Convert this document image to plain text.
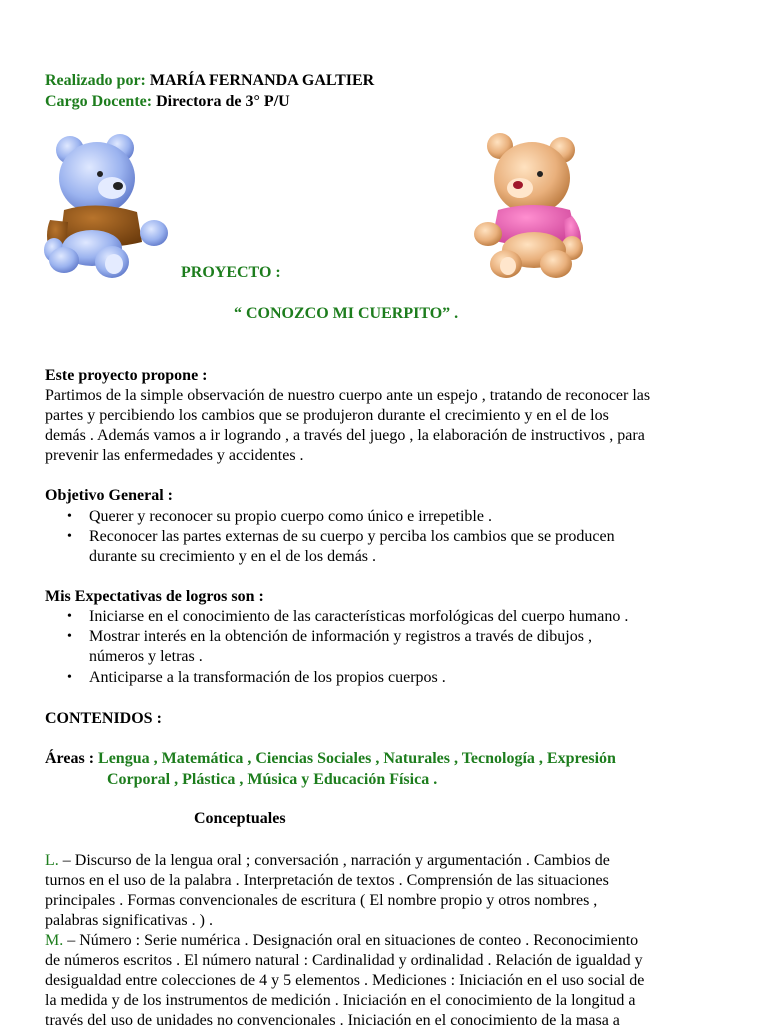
Realizado por: MARÍA FERNANDA GALTIER
Cargo Docente: Directora de 3° P/U
PROYECTO :
“ CONOZCO MI CUERPITO” .
Este proyecto propone :
Partimos de la simple observación de nuestro cuerpo ante un espejo , tratando de reconocer las
partes y percibiendo los cambios que se produjeron durante el crecimiento y en el de los
demás . Además vamos a ir logrando , a través del juego , la elaboración de instructivos , para
prevenir las enfermedades y accidentes .
Objetivo General :
• Querer y reconocer su propio cuerpo como único e irrepetible .
• Reconocer las partes externas de su cuerpo y perciba los cambios que se producen
durante su crecimiento y en el de los demás .
Mis Expectativas de logros son :
• Iniciarse en el conocimiento de las características morfológicas del cuerpo humano .
• Mostrar interés en la obtención de información y registros a través de dibujos ,
números y letras .
• Anticiparse a la transformación de los propios cuerpos .
CONTENIDOS :
Áreas : Lengua , Matemática , Ciencias Sociales , Naturales , Tecnología , Expresión
Corporal , Plástica , Música y Educación Física .
Conceptuales
L. – Discurso de la lengua oral ; conversación , narración y argumentación . Cambios de
turnos en el uso de la palabra . Interpretación de textos . Comprensión de las situaciones
principales . Formas convencionales de escritura ( El nombre propio y otros nombres ,
palabras significativas . ) .
M. – Número : Serie numérica . Designación oral en situaciones de conteo . Reconocimiento
de números escritos . El número natural : Cardinalidad y ordinalidad . Relación de igualdad y
desigualdad entre colecciones de 4 y 5 elementos . Mediciones : Iniciación en el uso social de
la medida y de los instrumentos de medición . Iniciación en el conocimiento de la longitud a
través del uso de unidades no convencionales . Iniciación en el conocimiento de la masa a
